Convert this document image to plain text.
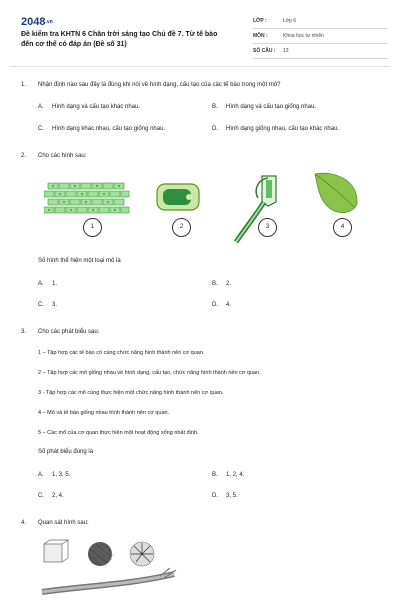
2048.vn
Đề kiểm tra KHTN 6 Chân trời sáng tạo Chủ đề 7. Từ tế bào đến cơ thể có đáp án (Đề số 31)
LỚP :	Lớp 6
MÔN :	Khoa học tự nhiên
SỐ CÂU :	13
1. Nhận định nào sau đây là đúng khi nói về hình dạng, cấu tạo của các tế bào trong một mô?
A. Hình dạng và cấu tạo khác nhau.	B. Hình dạng và cấu tạo giống nhau.
C. Hình dạng khác nhau, cấu tạo giống nhau.	D. Hình dạng giống nhau, cấu tạo khác nhau.
2. Cho các hình sau:
1	2	3	4
Số hình thể hiện một loại mô là
A. 1.	B. 2.
C. 3.	D. 4.
3. Cho các phát biểu sau:
1 – Tập hợp các tế bào có cùng chức năng hình thành nên cơ quan.
2 – Tập hợp các mô giống nhau về hình dạng, cấu tạo, chức năng hình thành nên cơ quan.
3 - Tập hợp các mô cùng thực hiện một chức năng hình thành nên cơ quan.
4 – Mô và tế bào giống nhau hình thành nên cơ quan.
5 – Các mô của cơ quan thực hiện một hoạt động sống nhất định.
Số phát biểu đúng là
A. 1, 3, 5.	B. 1, 2, 4.
C. 2, 4.	D. 3, 5.
4. Quan sát hình sau:
